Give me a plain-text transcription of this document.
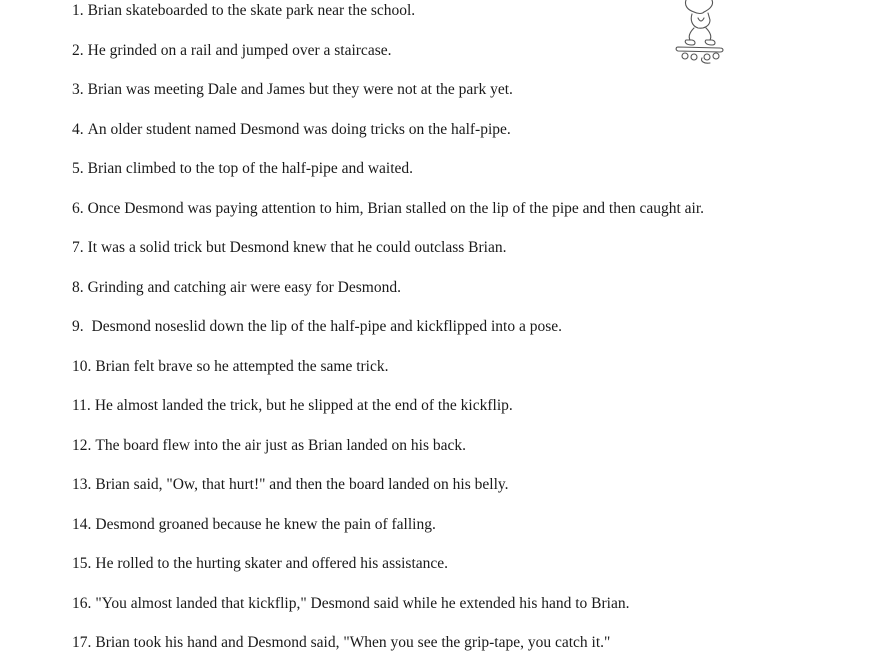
1. Brian skateboarded to the skate park near the school.
2. He grinded on a rail and jumped over a staircase.
3. Brian was meeting Dale and James but they were not at the park yet.
4. An older student named Desmond was doing tricks on the half-pipe.
5. Brian climbed to the top of the half-pipe and waited.
6. Once Desmond was paying attention to him, Brian stalled on the lip of the pipe and then caught air.
7. It was a solid trick but Desmond knew that he could outclass Brian.
8. Grinding and catching air were easy for Desmond.
9. Desmond noseslid down the lip of the half-pipe and kickflipped into a pose.
10. Brian felt brave so he attempted the same trick.
11. He almost landed the trick, but he slipped at the end of the kickflip.
12. The board flew into the air just as Brian landed on his back.
13. Brian said, "Ow, that hurt!" and then the board landed on his belly.
14. Desmond groaned because he knew the pain of falling.
15. He rolled to the hurting skater and offered his assistance.
16. "You almost landed that kickflip," Desmond said while he extended his hand to Brian.
17. Brian took his hand and Desmond said, "When you see the grip-tape, you catch it."
